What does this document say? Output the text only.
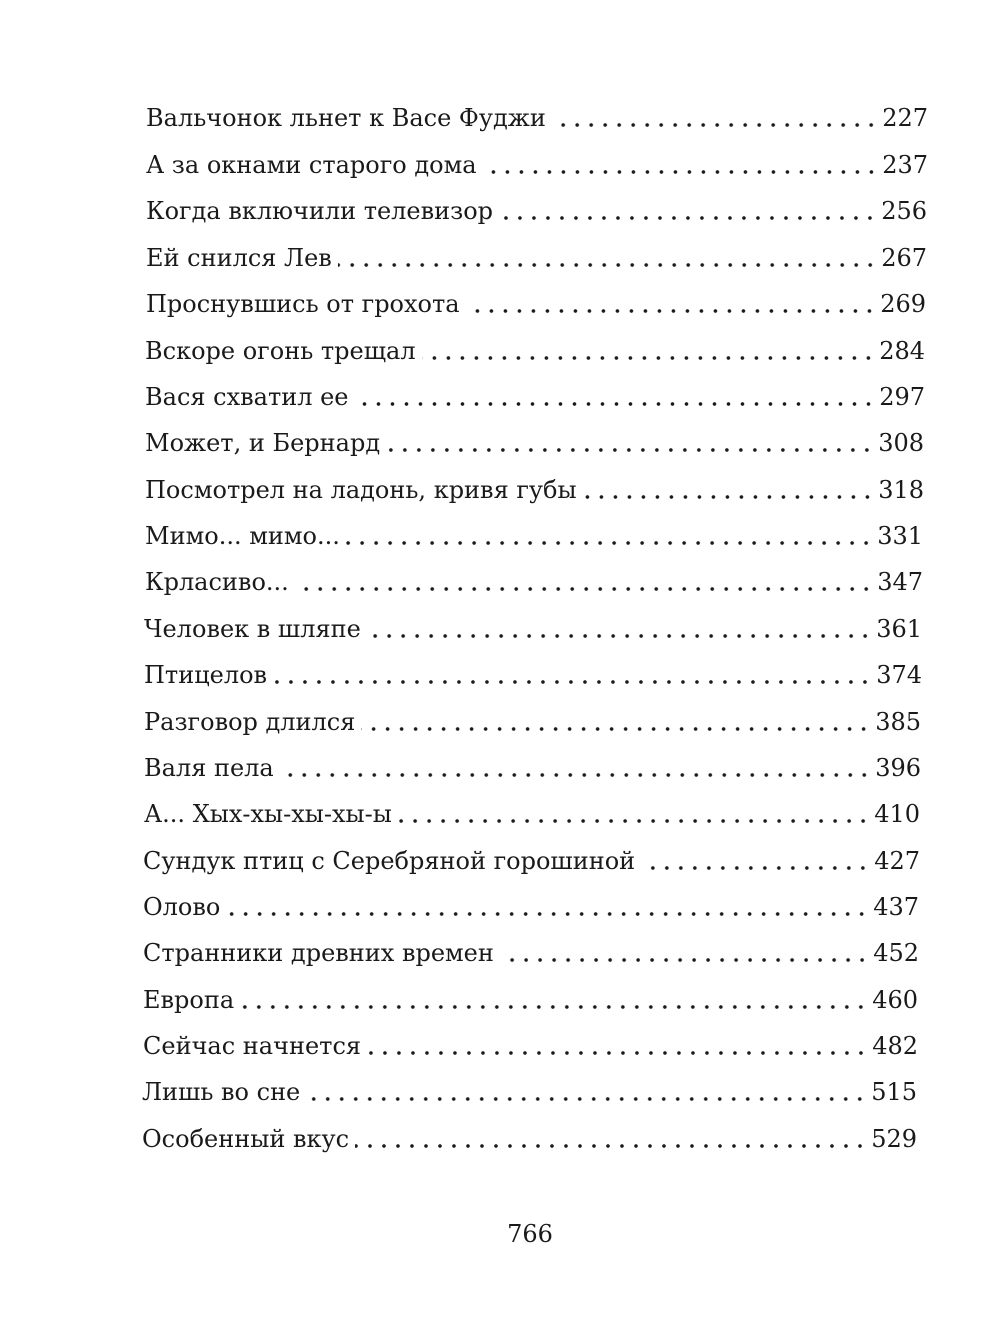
Вальчонок льнет к Васе Фуджи	227
А за окнами старого дома	237
Когда включили телевизор	256
Ей снился Лев	267
Проснувшись от грохота	269
Вскоре огонь трещал	284
Вася схватил ее	297
Может, и Бернард	308
Посмотрел на ладонь, кривя губы	318
Мимо... мимо...	331
Крласиво...	347
Человек в шляпе	361
Птицелов	374
Разговор длился	385
Валя пела	396
А... Хых-хы-хы-хы-ы	410
Сундук птиц с Серебряной горошиной	427
Олово	437
Странники древних времен	452
Европа	460
Сейчас начнется	482
Лишь во сне	515
Особенный вкус	529
766
